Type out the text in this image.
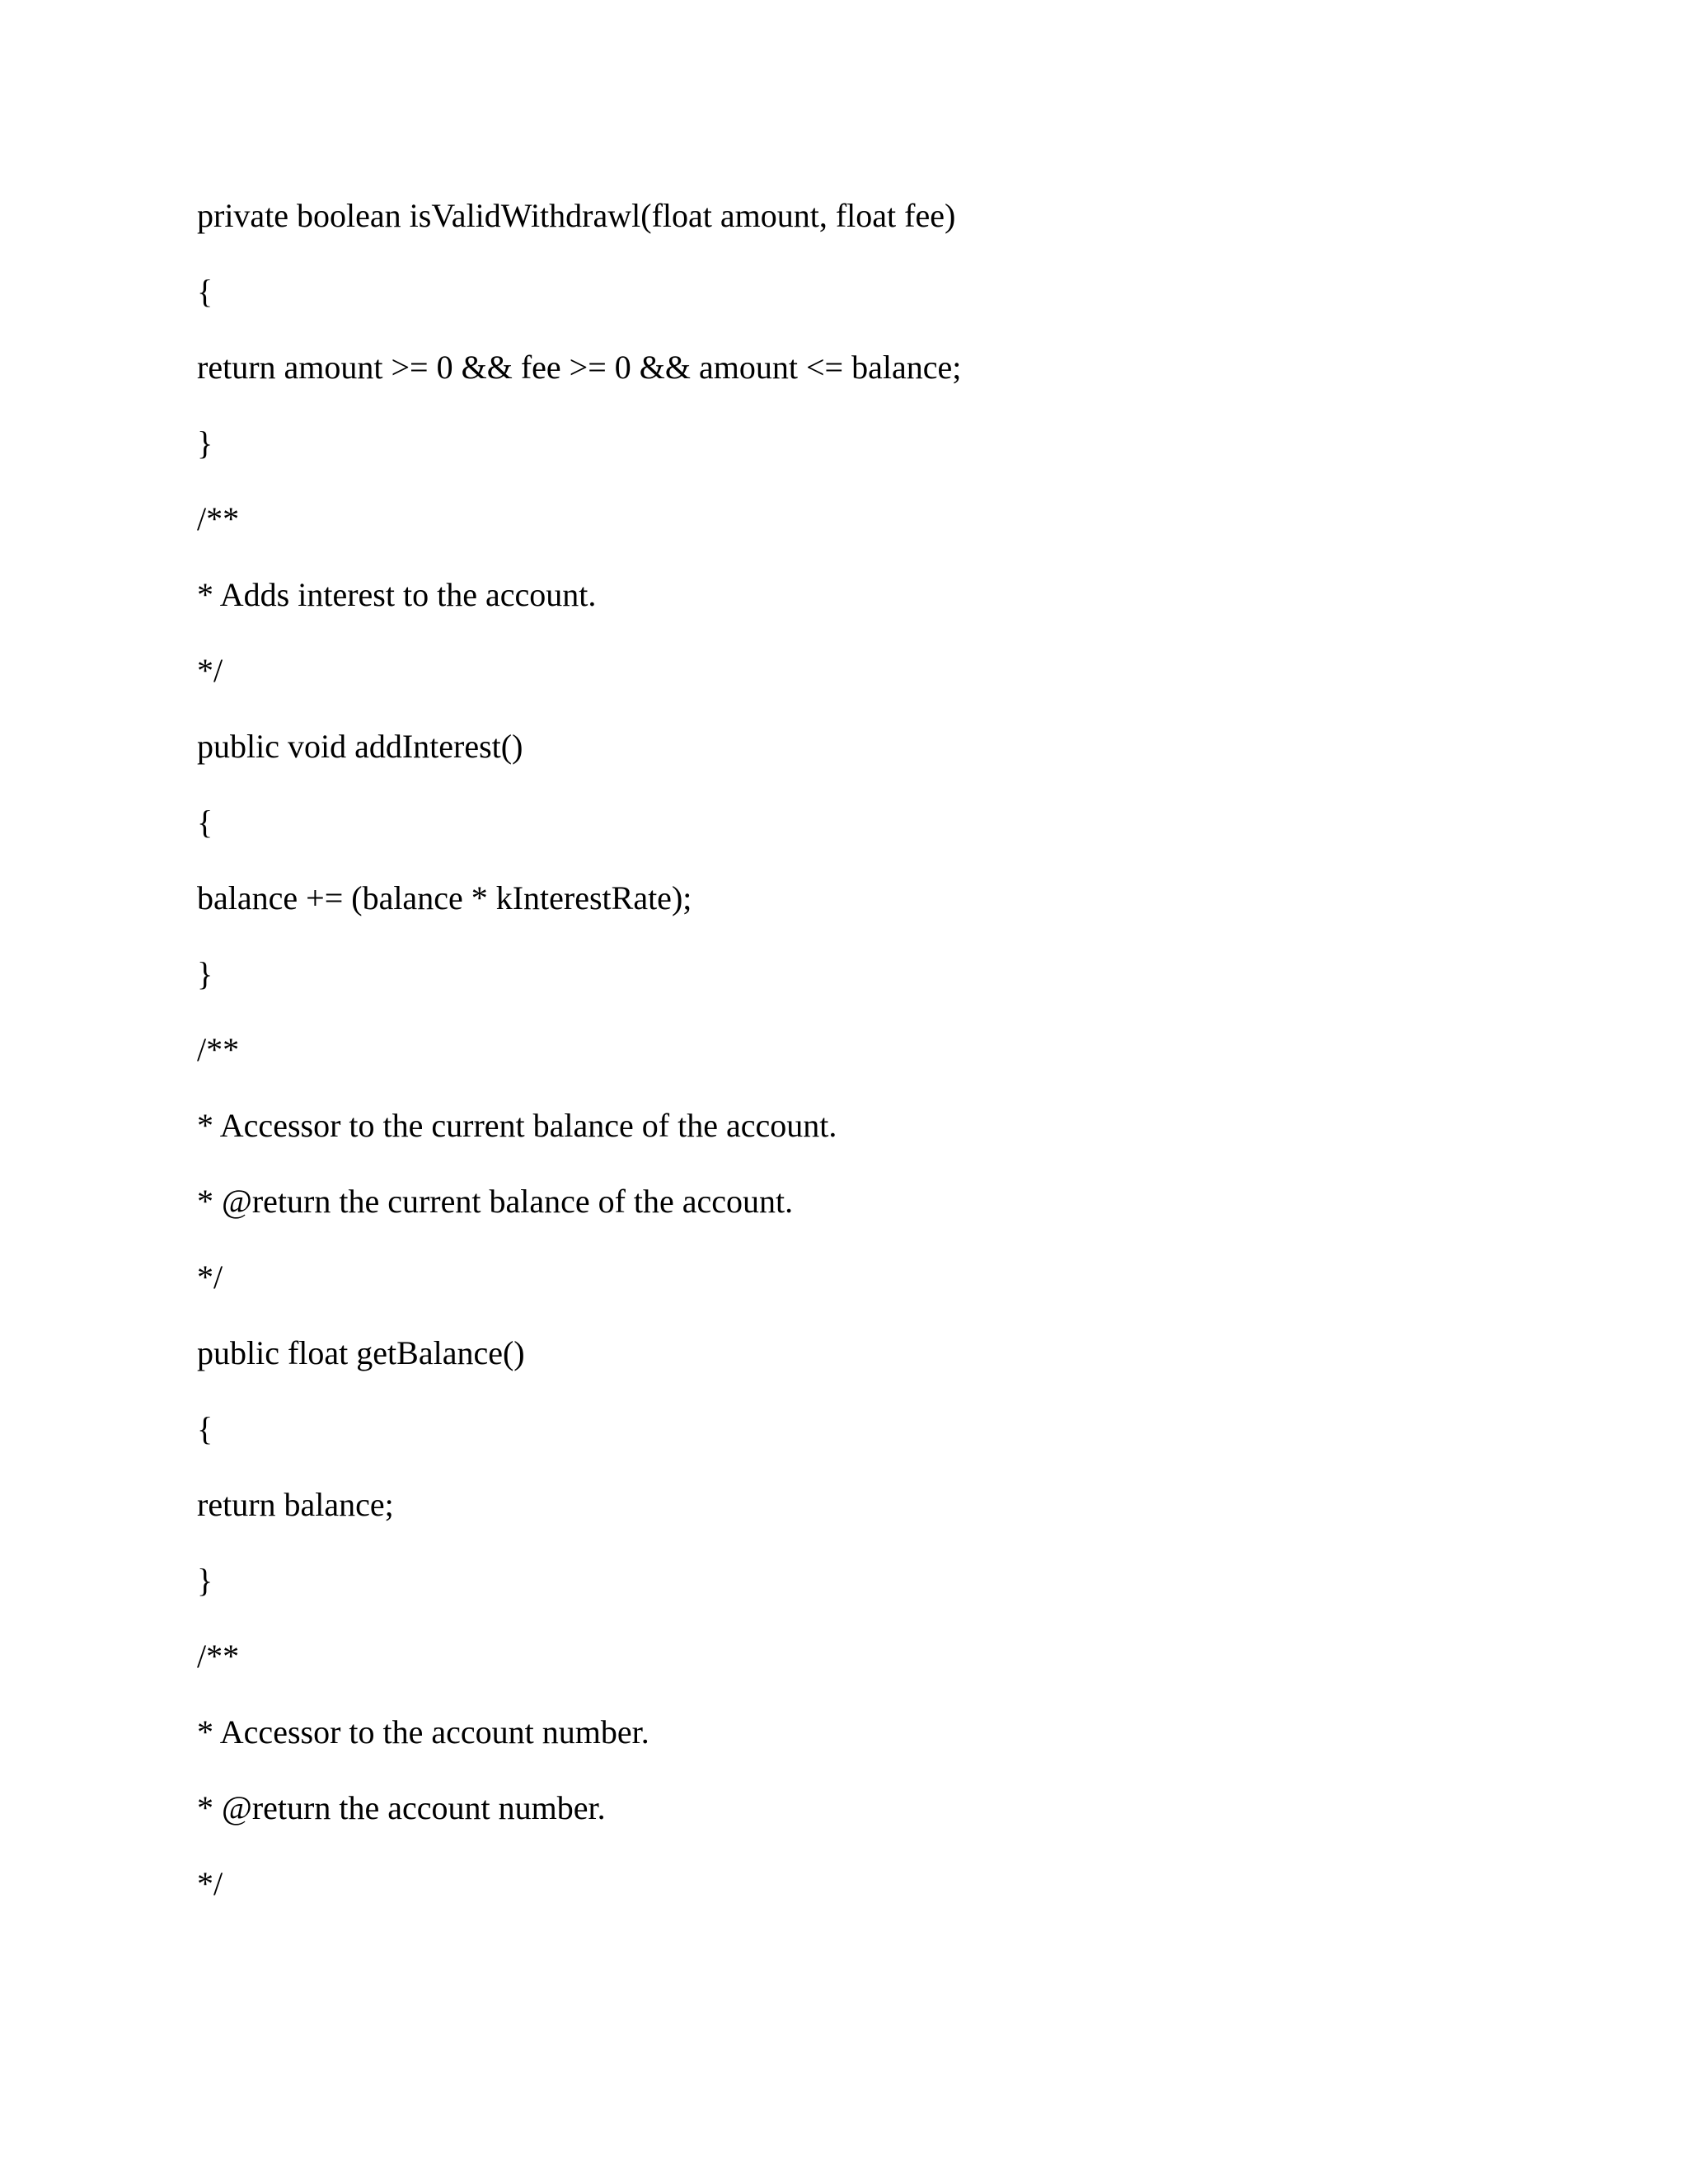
private boolean isValidWithdrawl(float amount, float fee)
{
return amount >= 0 && fee >= 0 && amount <= balance;
}
/**
* Adds interest to the account.
*/
public void addInterest()
{
balance += (balance * kInterestRate);
}
/**
* Accessor to the current balance of the account.
* @return the current balance of the account.
*/
public float getBalance()
{
return balance;
}
/**
* Accessor to the account number.
* @return the account number.
*/
